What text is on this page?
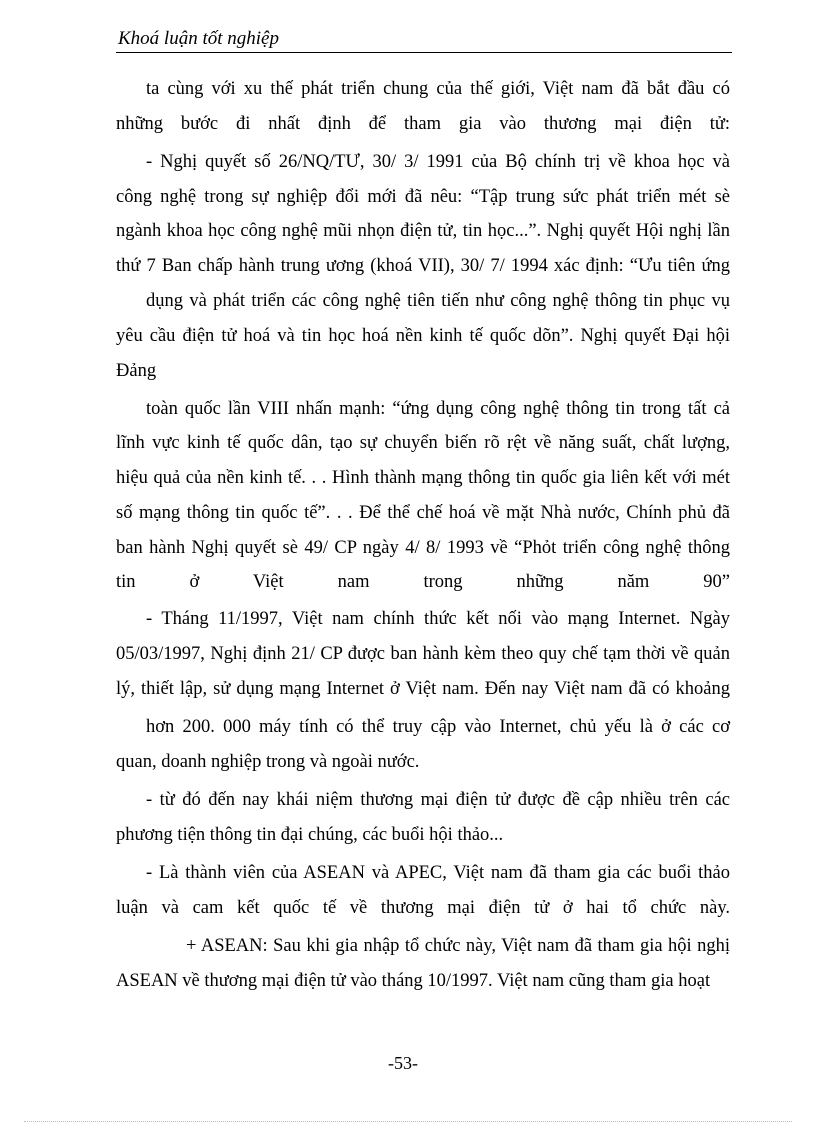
Khoá luận tốt nghiệp
ta cùng với xu thế phát triển chung của thế giới, Việt nam đã bắt đầu có
những bước đi nhất định để tham gia vào thương mại điện tử:
- Nghị quyết số 26/NQ/TƯ, 30/ 3/ 1991 của Bộ chính trị về khoa học và
công nghệ trong sự nghiệp đổi mới đã nêu: “Tập trung sức phát triển mét sè
ngành khoa học công nghệ mũi nhọn điện tử, tin học...”. Nghị quyết Hội nghị lần
thứ 7 Ban chấp hành trung ương (khoá VII), 30/ 7/ 1994 xác định: “Ưu tiên ứng
dụng và phát triển các công nghệ tiên tiến như công nghệ thông tin phục vụ
yêu cầu điện tử hoá và tin học hoá nền kinh tế quốc dõn”. Nghị quyết Đại hội
Đảng
toàn quốc lần VIII nhấn mạnh: “ứng dụng công nghệ thông tin trong tất cả
lĩnh vực kinh tế quốc dân, tạo sự chuyển biến rõ rệt về năng suất, chất lượng,
hiệu quả của nền kinh tế. . . Hình thành mạng thông tin quốc gia liên kết với mét
số mạng thông tin quốc tế”. . . Để thể chế hoá về mặt Nhà nước, Chính phủ đã
ban hành Nghị quyết sè 49/ CP ngày 4/ 8/ 1993 về “Phỏt triển công nghệ thông
tin ở Việt nam trong những năm 90”
- Tháng 11/1997, Việt nam chính thức kết nối vào mạng Internet. Ngày
05/03/1997, Nghị định 21/ CP được ban hành kèm theo quy chế tạm thời về quản
lý, thiết lập, sử dụng mạng Internet ở Việt nam. Đến nay Việt nam đã có khoảng
hơn 200. 000 máy tính có thể truy cập vào Internet, chủ yếu là ở các cơ
quan, doanh nghiệp trong và ngoài nước.
- từ đó đến nay khái niệm thương mại điện tử được đề cập nhiều trên các
phương tiện thông tin đại chúng, các buổi hội thảo...
- Là thành viên của ASEAN và APEC, Việt nam đã tham gia các buổi thảo
luận và cam kết quốc tế về thương mại điện tử ở hai tổ chức này.
+ ASEAN: Sau khi gia nhập tổ chức này, Việt nam đã tham gia hội nghị
ASEAN về thương mại điện tử vào tháng 10/1997. Việt nam cũng tham gia hoạt
-53-
